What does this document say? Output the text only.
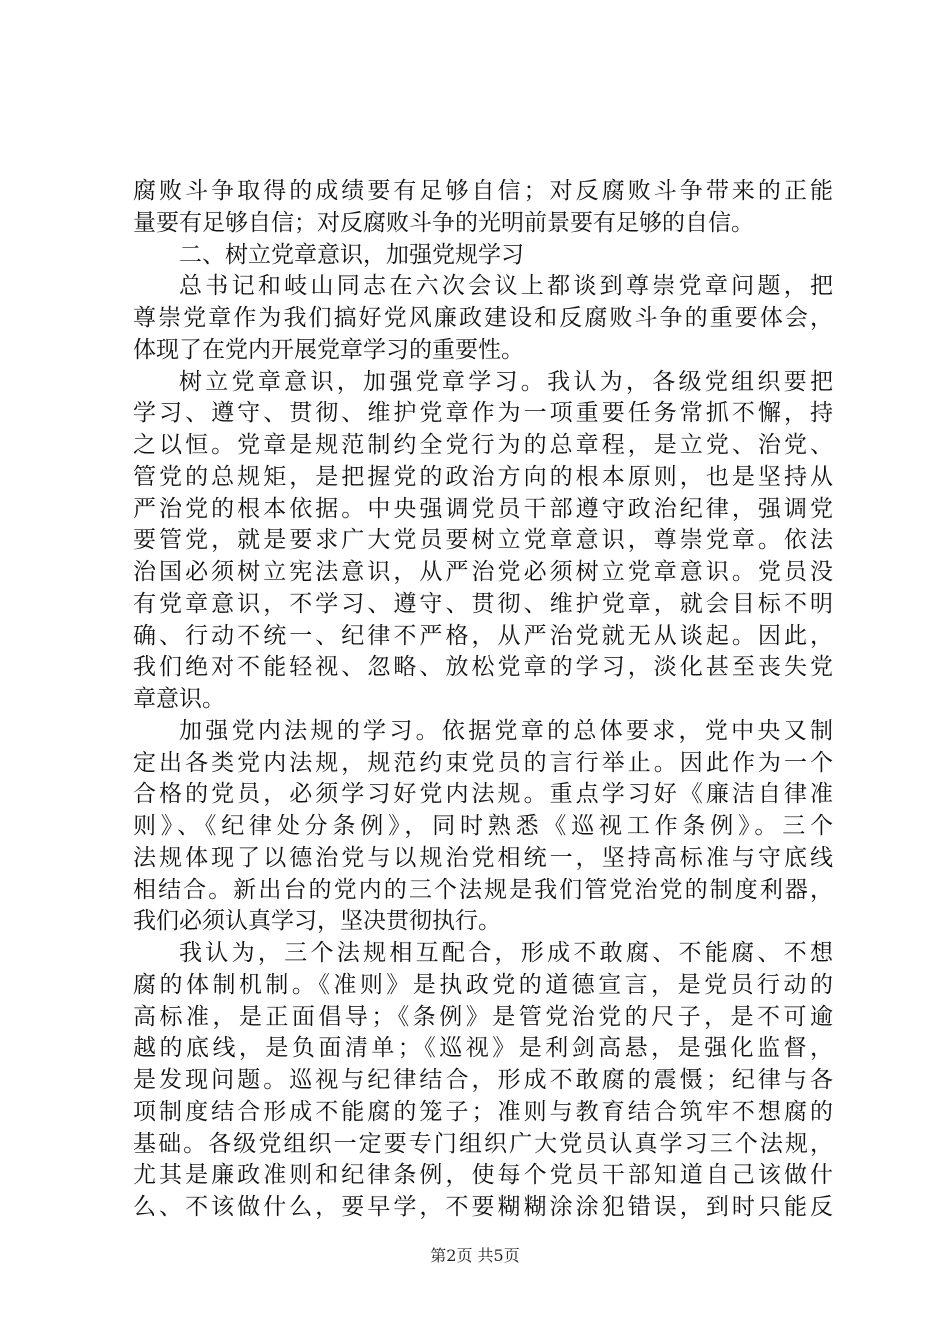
腐败斗争取得的成绩要有足够自信；对反腐败斗争带来的正能
量要有足够自信；对反腐败斗争的光明前景要有足够的自信。
二、树立党章意识，加强党规学习
总书记和岐山同志在六次会议上都谈到尊崇党章问题，把
尊崇党章作为我们搞好党风廉政建设和反腐败斗争的重要体会，
体现了在党内开展党章学习的重要性。
树立党章意识，加强党章学习。我认为，各级党组织要把
学习、遵守、贯彻、维护党章作为一项重要任务常抓不懈，持
之以恒。党章是规范制约全党行为的总章程，是立党、治党、
管党的总规矩，是把握党的政治方向的根本原则，也是坚持从
严治党的根本依据。中央强调党员干部遵守政治纪律，强调党
要管党，就是要求广大党员要树立党章意识，尊崇党章。依法
治国必须树立宪法意识，从严治党必须树立党章意识。党员没
有党章意识，不学习、遵守、贯彻、维护党章，就会目标不明
确、行动不统一、纪律不严格，从严治党就无从谈起。因此，
我们绝对不能轻视、忽略、放松党章的学习，淡化甚至丧失党
章意识。
加强党内法规的学习。依据党章的总体要求，党中央又制
定出各类党内法规，规范约束党员的言行举止。因此作为一个
合格的党员，必须学习好党内法规。重点学习好《廉洁自律准
则》、《纪律处分条例》，同时熟悉《巡视工作条例》。三个
法规体现了以德治党与以规治党相统一，坚持高标准与守底线
相结合。新出台的党内的三个法规是我们管党治党的制度利器，
我们必须认真学习，坚决贯彻执行。
我认为，三个法规相互配合，形成不敢腐、不能腐、不想
腐的体制机制。《准则》是执政党的道德宣言，是党员行动的
高标准，是正面倡导；《条例》是管党治党的尺子，是不可逾
越的底线，是负面清单；《巡视》是利剑高悬，是强化监督，
是发现问题。巡视与纪律结合，形成不敢腐的震慑；纪律与各
项制度结合形成不能腐的笼子；准则与教育结合筑牢不想腐的
基础。各级党组织一定要专门组织广大党员认真学习三个法规，
尤其是廉政准则和纪律条例，使每个党员干部知道自己该做什
么、不该做什么，要早学，不要糊糊涂涂犯错误，到时只能反
第2页 共5页
